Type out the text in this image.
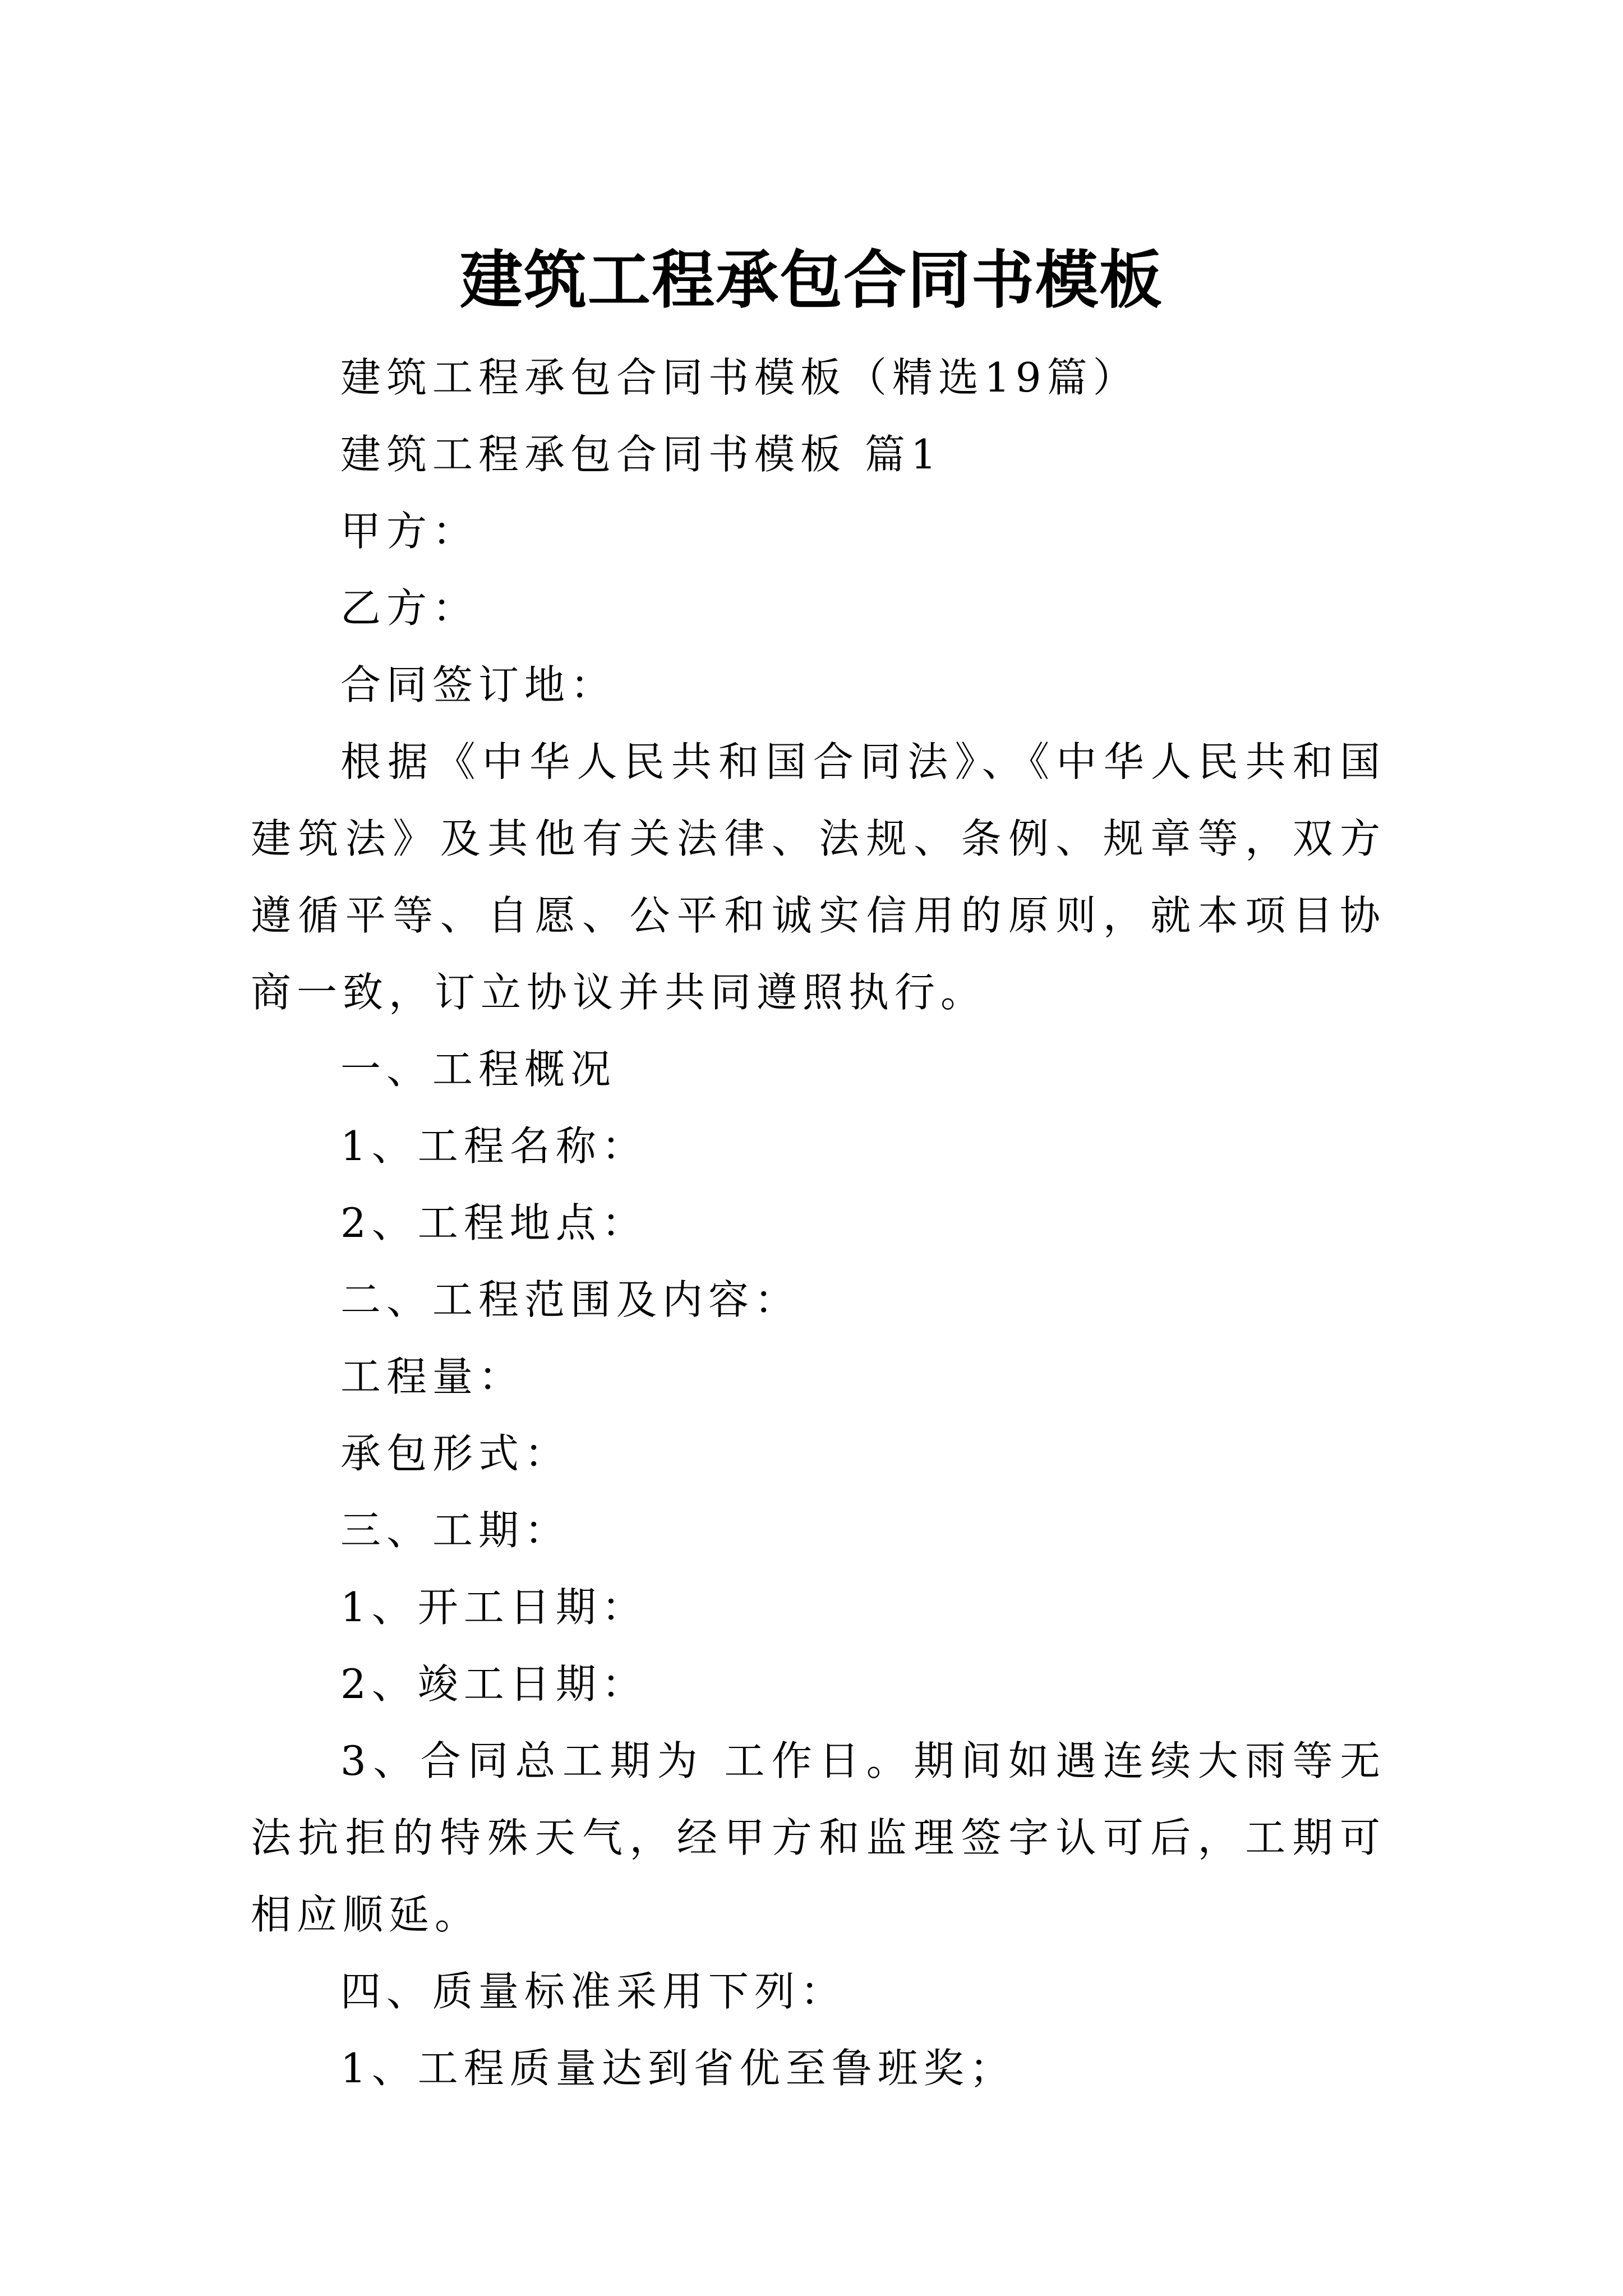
建筑工程承包合同书模板

建筑工程承包合同书模板（精选19篇）

建筑工程承包合同书模板 篇1

甲方：

乙方：

合同签订地：

根据《中华人民共和国合同法》、《中华人民共和国建筑法》及其他有关法律、法规、条例、规章等，双方遵循平等、自愿、公平和诚实信用的原则，就本项目协商一致，订立协议并共同遵照执行。

一、工程概况

1、工程名称：

2、工程地点：

二、工程范围及内容：

工程量：

承包形式：

三、工期：

1、开工日期：

2、竣工日期：

3、合同总工期为 工作日。期间如遇连续大雨等无法抗拒的特殊天气，经甲方和监理签字认可后，工期可相应顺延。

四、质量标准采用下列：

1、工程质量达到省优至鲁班奖；
